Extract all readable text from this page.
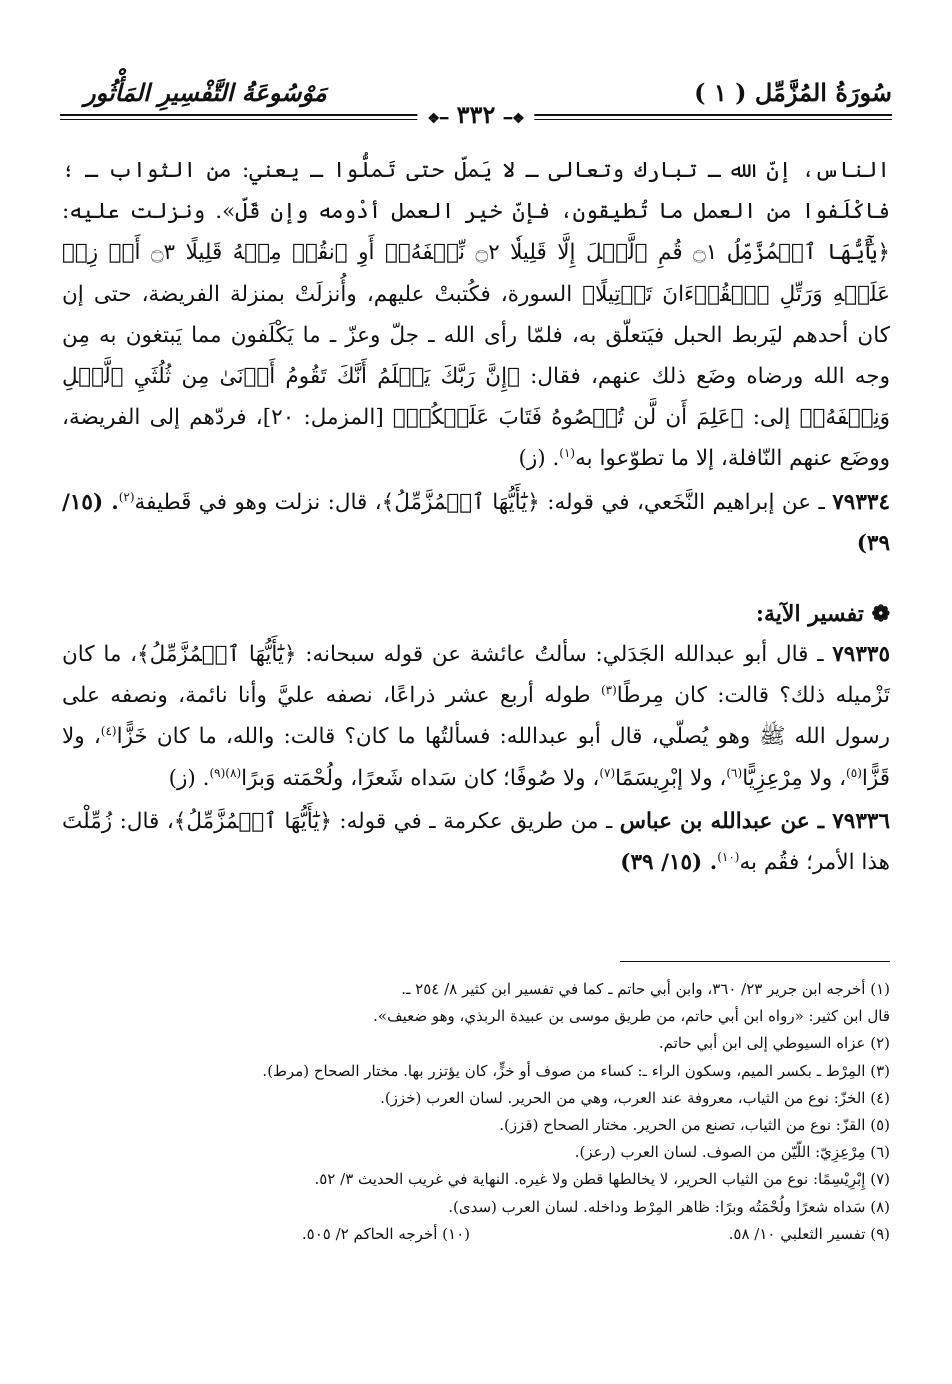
سُورَةُ المُزَّمِّل ( ١ )
مَوْسُوعَةُ التَّفْسِيرِ المَأْثُور
❖━ ٣٣٢ ━❖

الناس، إنّ الله ـ تبارك وتعالى ـ لا يَملّ حتى تَملُّوا ـ يعني: من الثواب ـ ؛ فاكْلَفوا من العمل ما تُطيقون، فإنّ خير العمل أدْومه وإن قَلّ». ونزلت عليه: ﴿يَٰٓأَيُّهَا ٱلۡمُزَّمِّلُ ۝١ قُمِ ٱلَّيۡلَ إِلَّا قَلِيلٗا ۝٢ نِّصۡفَهُۥٓ أَوِ ٱنقُصۡ مِنۡهُ قَلِيلًا ۝٣ أَوۡ زِدۡ عَلَيۡهِ وَرَتِّلِ ٱلۡقُرۡءَانَ تَرۡتِيلًا﴾ السورة، فكُتبتْ عليهم، وأُنزلَتْ بمنزلة الفريضة، حتى إن كان أحدهم ليَربط الحبل فيَتعلّق به، فلمّا رأى الله ـ جلّ وعزّ ـ ما يَكْلَفون مما يَبتغون به مِن وجه الله ورضاه وضَع ذلك عنهم، فقال: ﴿إِنَّ رَبَّكَ يَعۡلَمُ أَنَّكَ تَقُومُ أَدۡنَىٰ مِن ثُلُثَيِ ٱلَّيۡلِ وَنِصۡفَهُۥ﴾ إلى: ﴿عَلِمَ أَن لَّن تُحۡصُوهُ فَتَابَ عَلَيۡكُمۡ﴾ [المزمل: ٢٠]، فردّهم إلى الفريضة، ووضَع عنهم النّافلة، إلا ما تطوّعوا به$^{(١)}$. (ز)

٧٩٣٣٤ ـ عن إبراهيم النَّخَعي، في قوله: ﴿يَٰٓأَيُّهَا ٱلۡمُزَّمِّلُ﴾، قال: نزلت وهو في قَطيفة$^{(٢)}$. (١٥/ ٣٩)

❁ تفسير الآية:

٧٩٣٣٥ ـ قال أبو عبدالله الجَدَلي: سألتُ عائشة عن قوله سبحانه: ﴿يَٰٓأَيُّهَا ٱلۡمُزَّمِّلُ﴾، ما كان تَزْميله ذلك؟ قالت: كان مِرطًا$^{(٣)}$ طوله أربع عشر ذراعًا، نصفه عليَّ وأنا نائمة، ونصفه على رسول الله ﷺ وهو يُصلّي، قال أبو عبدالله: فسألتُها ما كان؟ قالت: والله، ما كان خَزًّا$^{(٤)}$، ولا قَزًّا$^{(٥)}$، ولا مِرْعِزِيًّا$^{(٦)}$، ولا إبْرِيسَمًا$^{(٧)}$، ولا صُوفًا؛ كان سَداه شَعرًا، ولُحْمَته وَبرًا$^{(٨)(٩)}$. (ز)

٧٩٣٣٦ ـ عن عبدالله بن عباس ـ من طريق عكرمة ـ في قوله: ﴿يَٰٓأَيُّهَا ٱلۡمُزَّمِّلُ﴾، قال: زُمِّلْتَ هذا الأمر؛ فقُم به$^{(١٠)}$. (١٥/ ٣٩)

(١) أخرجه ابن جرير ٢٣/ ٣٦٠، وابن أبي حاتم ـ كما في تفسير ابن كثير ٨/ ٢٥٤ ـ.

قال ابن كثير: «رواه ابن أبي حاتم، من طريق موسى بن عبيدة الربذي، وهو ضعيف».

(٢) عزاه السيوطي إلى ابن أبي حاتم.

(٣) المِرْط ـ بكسر الميم، وسكون الراء ـ: كساء من صوف أو خزٍّ، كان يؤتزر بها. مختار الصحاح (مرط).

(٤) الخزّ: نوع من الثياب، معروفة عند العرب، وهي من الحرير. لسان العرب (خزز).

(٥) القزّ: نوع من الثياب، تصنع من الحرير. مختار الصحاح (قزز).

(٦) مِرْعِزِيّ: اللّيّن من الصوف. لسان العرب (رعز).

(٧) إِبْرِيْسِمًا: نوع من الثياب الحرير، لا يخالطها قطن ولا غيره. النهاية في غريب الحديث ٣/ ٥٢.

(٨) سَداه شعرًا ولُحْمَتُه وبرًا: ظاهر المِرْط وداخله. لسان العرب (سدى).

(٩) تفسير الثعلبي ١٠/ ٥٨.
(١٠) أخرجه الحاكم ٢/ ٥٠٥.
